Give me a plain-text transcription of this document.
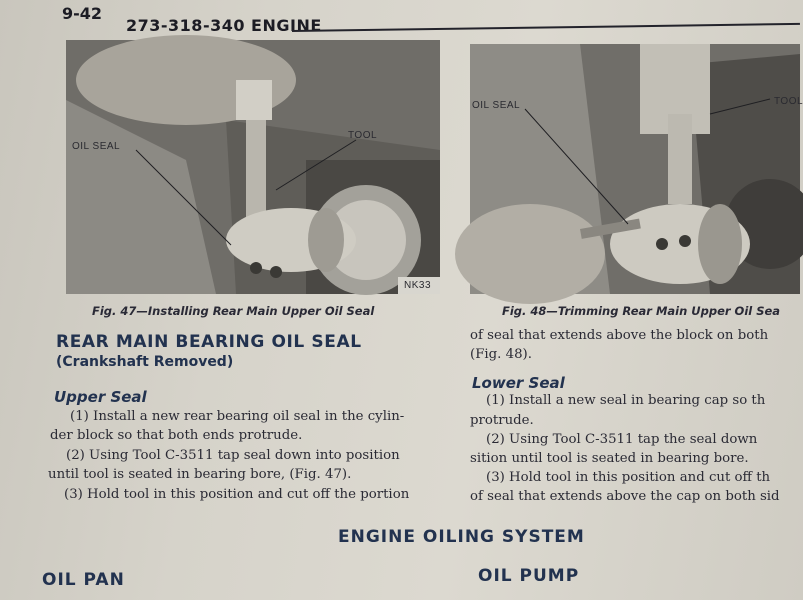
9-42
273-318-340 ENGINE
OIL SEAL
TOOL
NK33
Fig. 47—Installing Rear Main Upper Oil Seal
OIL SEAL	TOOL
Fig. 48—Trimming Rear Main Upper Oil Sea
REAR MAIN BEARING OIL SEAL
(Crankshaft Removed)
Upper Seal
(1) Install a new rear bearing oil seal in the cylin-
der block so that both ends protrude.
(2) Using Tool C-3511 tap seal down into position
until tool is seated in bearing bore, (Fig. 47).
(3) Hold tool in this position and cut off the portion
of seal that extends above the block on both
(Fig. 48).
Lower Seal
(1) Install a new seal in bearing cap so th
protrude.
(2) Using Tool C-3511 tap the seal down
sition until tool is seated in bearing bore.
(3) Hold tool in this position and cut off th
of seal that extends above the cap on both sid
ENGINE OILING SYSTEM
OIL PAN	OIL PUMP
